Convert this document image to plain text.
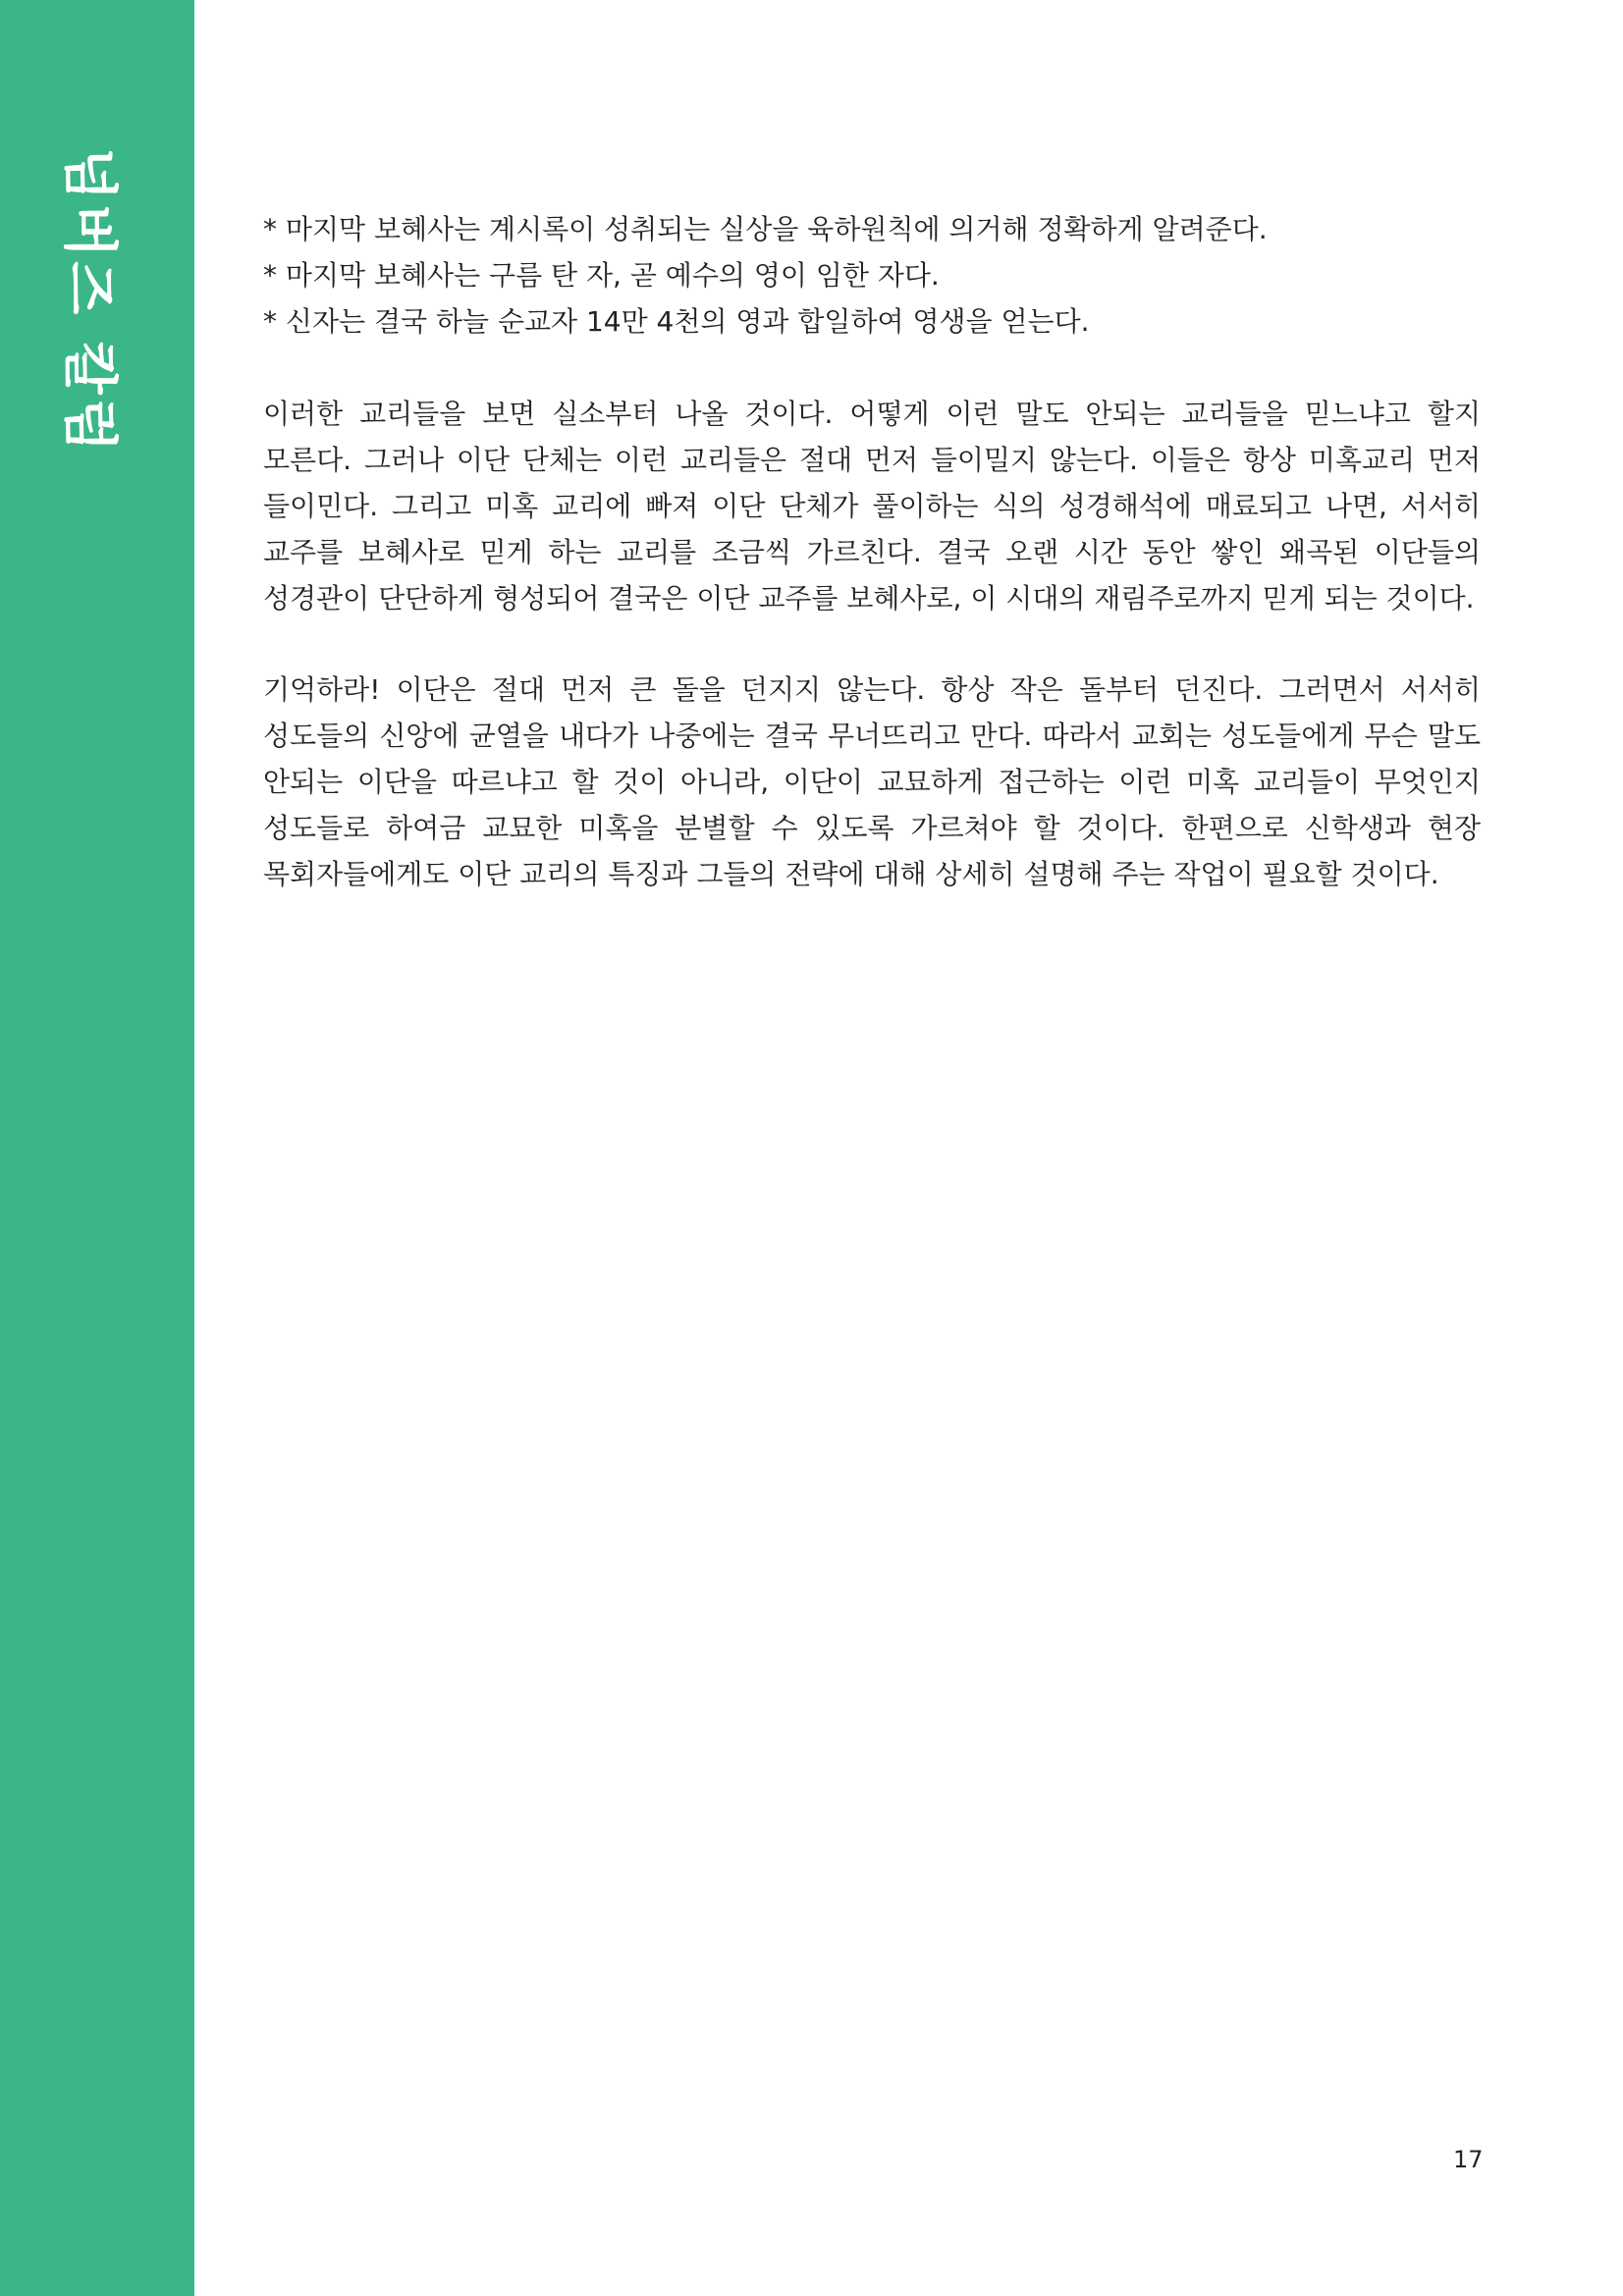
넘버즈 칼럼	* 마지막 보혜사는 계시록이 성취되는 실상을 육하원칙에 의거해 정확하게 알려준다.
* 마지막 보혜사는 구름 탄 자, 곧 예수의 영이 임한 자다.
* 신자는 결국 하늘 순교자 14만 4천의 영과 합일하여 영생을 얻는다.

이러한 교리들을 보면 실소부터 나올 것이다. 어떻게 이런 말도 안되는 교리들을 믿느냐고 할지 모른다. 그러나 이단 단체는 이런 교리들은 절대 먼저 들이밀지 않는다. 이들은 항상 미혹교리 먼저 들이민다. 그리고 미혹 교리에 빠져 이단 단체가 풀이하는 식의 성경해석에 매료되고 나면, 서서히 교주를 보혜사로 믿게 하는 교리를 조금씩 가르친다. 결국 오랜 시간 동안 쌓인 왜곡된 이단들의 성경관이 단단하게 형성되어 결국은 이단 교주를 보혜사로, 이 시대의 재림주로까지 믿게 되는 것이다.

기억하라! 이단은 절대 먼저 큰 돌을 던지지 않는다. 항상 작은 돌부터 던진다. 그러면서 서서히 성도들의 신앙에 균열을 내다가 나중에는 결국 무너뜨리고 만다. 따라서 교회는 성도들에게 무슨 말도 안되는 이단을 따르냐고 할 것이 아니라, 이단이 교묘하게 접근하는 이런 미혹 교리들이 무엇인지 성도들로 하여금 교묘한 미혹을 분별할 수 있도록 가르쳐야 할 것이다. 한편으로 신학생과 현장 목회자들에게도 이단 교리의 특징과 그들의 전략에 대해 상세히 설명해 주는 작업이 필요할 것이다.

17
